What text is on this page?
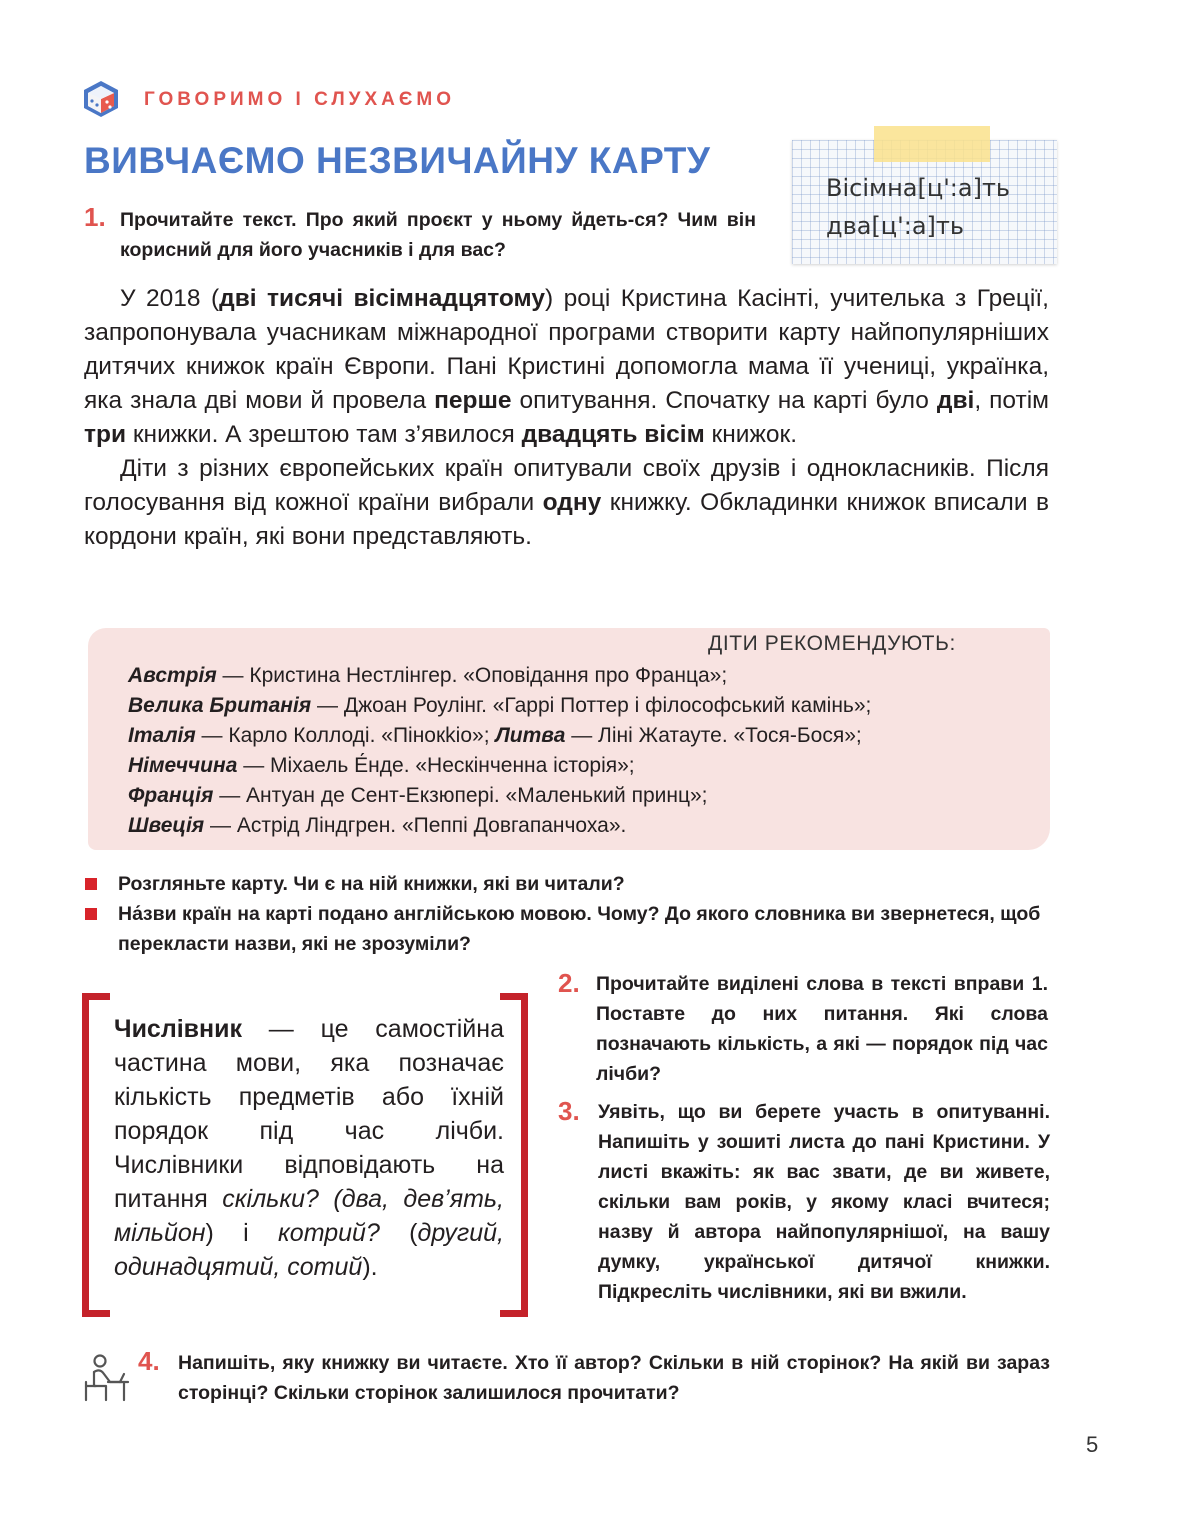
ГОВОРИМО І СЛУХАЄМО
ВИВЧАЄМО НЕЗВИЧАЙНУ КАРТУ
Вісімна[ц':а]ть
два[ц':а]ть
1. Прочитайте текст. Про який проєкт у ньому йдеть-ся? Чим він корисний для його учасників і для вас?

У 2018 (дві тисячі вісімнадцятому) році Кристина Касінті, учителька з Греції, запропонувала учасникам міжнародної програми створити карту найпопулярніших дитячих книжок країн Європи. Пані Кристині допомогла мама її учениці, українка, яка знала дві мови й провела перше опитування. Спочатку на карті було дві, потім три книжки. А зрештою там з’явилося двадцять вісім книжок.

Діти з різних європейських країн опитували своїх друзів і однокласників. Після голосування від кожної країни вибрали одну книжку. Обкладинки книжок вписали в кордони країн, які вони представляють.

ДІТИ РЕКОМЕНДУЮТЬ:
Австрія — Кристина Нестлінгер. «Оповідання про Франца»;
Велика Британія — Джоан Роулінг. «Гаррі Поттер і філософський камінь»;
Італія — Карло Коллоді. «Пінокkio»; Литва — Ліні Жатауте. «Тося-Бося»;
Німеччина — Міхаель Е́нде. «Нескінченна історія»;
Франція — Антуан де Сент-Екзюпері. «Маленький принц»;
Швеція — Астрід Ліндгрен. «Пеппі Довгапанчоха».
Розгляньте карту. Чи є на ній книжки, які ви читали?
На́зви країн на карті подано англійською мовою. Чому? До якого словника ви звернетеся, щоб перекласти назви, які не зрозуміли?
Числівник — це самостійна частина мови, яка позначає кількість предметів або їхній порядок під час лічби. Числівники відповідають на питання скільки? (два, дев’ять, мільйон) і котрий? (другий, одинадцятий, сотий).
2. Прочитайте виділені слова в тексті вправи 1. Поставте до них питання. Які слова позначають кількість, а які — порядок під час лічби?
3. Уявіть, що ви берете участь в опитуванні. Напишіть у зошиті листа до пані Кристини. У листі вкажіть: як вас звати, де ви живете, скільки вам років, у якому класі вчитеся; назву й автора найпопулярнішої, на вашу думку, української дитячої книжки. Підкресліть числівники, які ви вжили.
4. Напишіть, яку книжку ви читаєте. Хто її автор? Скільки в ній сторінок? На якій ви зараз сторінці? Скільки сторінок залишилося прочитати?
5
